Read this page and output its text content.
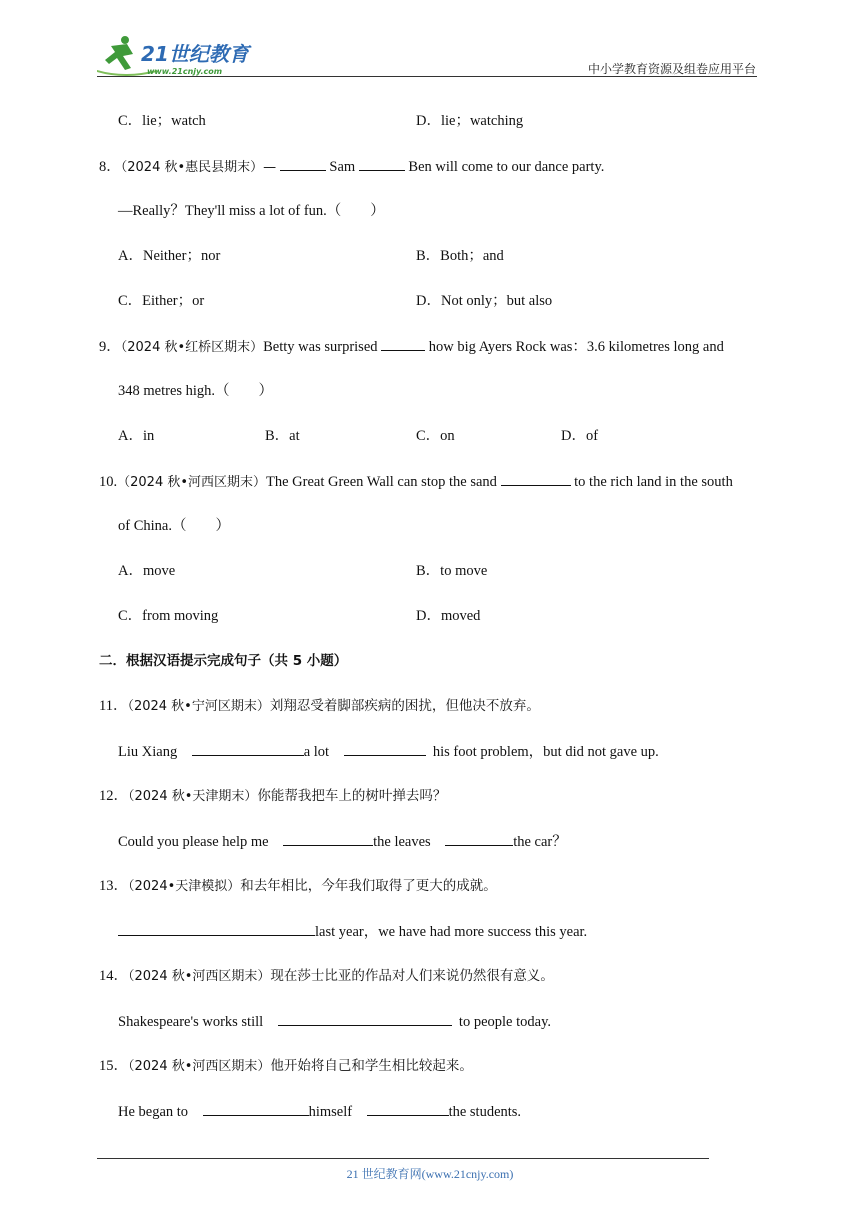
21世纪教育
www.21cnjy.com	中小学教育资源及组卷应用平台
C．lie；watch	D．lie；watching
8．（2024 秋•惠民县期末）—	Sam	Ben will come to our dance party.
—Really？They'll miss a lot of fun.（　　）
A．Neither；nor	B．Both；and
C．Either；or	D．Not only；but also
9．（2024 秋•红桥区期末）Betty was surprised	how big Ayers Rock was：3.6 kilometres long and
348 metres high.（　　）
A．in	B．at	C．on	D．of
10.（2024 秋•河西区期末）The Great Green Wall can stop the sand	to the rich land in the south
of China.（　　）
A．move	B．to move
C．from moving	D．moved
二．根据汉语提示完成句子（共 5 小题）
11．（2024 秋•宁河区期末）刘翔忍受着脚部疾病的困扰，但他决不放弃。
Liu Xiang	a lot	his foot problem，but did not gave up.
12．（2024 秋•天津期末）你能帮我把车上的树叶掸去吗？
Could you please help me	the leaves	the car？
13．（2024•天津模拟）和去年相比，今年我们取得了更大的成就。
last year，we have had more success this year.
14．（2024 秋•河西区期末）现在莎士比亚的作品对人们来说仍然很有意义。
Shakespeare's works still	to people today.
15．（2024 秋•河西区期末）他开始将自己和学生相比较起来。
He began to	himself	the students.
21 世纪教育网(www.21cnjy.com)
